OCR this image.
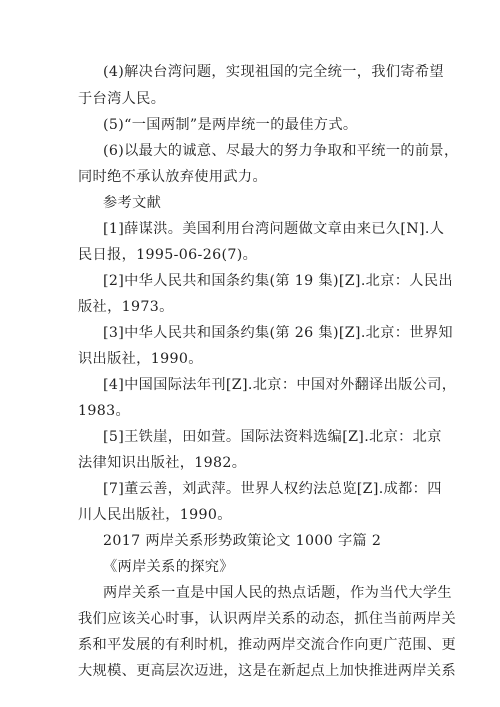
(4)解决台湾问题，实现祖国的完全统一，我们寄希望
于台湾人民。
(5)“一国两制”是两岸统一的最佳方式。
(6)以最大的诚意、尽最大的努力争取和平统一的前景，
同时绝不承认放弃使用武力。
参考文献
[1]薛谋洪。美国利用台湾问题做文章由来已久[N].人
民日报，1995-06-26(7)。
[2]中华人民共和国条约集(第 19 集)[Z].北京：人民出
版社，1973。
[3]中华人民共和国条约集(第 26 集)[Z].北京：世界知
识出版社，1990。
[4]中国国际法年刊[Z].北京：中国对外翻译出版公司，
1983。
[5]王铁崖，田如萱。国际法资料选编[Z].北京：北京
法律知识出版社，1982。
[7]董云善，刘武萍。世界人权约法总览[Z].成都：四
川人民出版社，1990。
2017 两岸关系形势政策论文 1000 字篇 2
《两岸关系的探究》
两岸关系一直是中国人民的热点话题，作为当代大学生
我们应该关心时事，认识两岸关系的动态，抓住当前两岸关
系和平发展的有利时机，推动两岸交流合作向更广范围、更
大规模、更高层次迈进，这是在新起点上加快推进两岸关系
